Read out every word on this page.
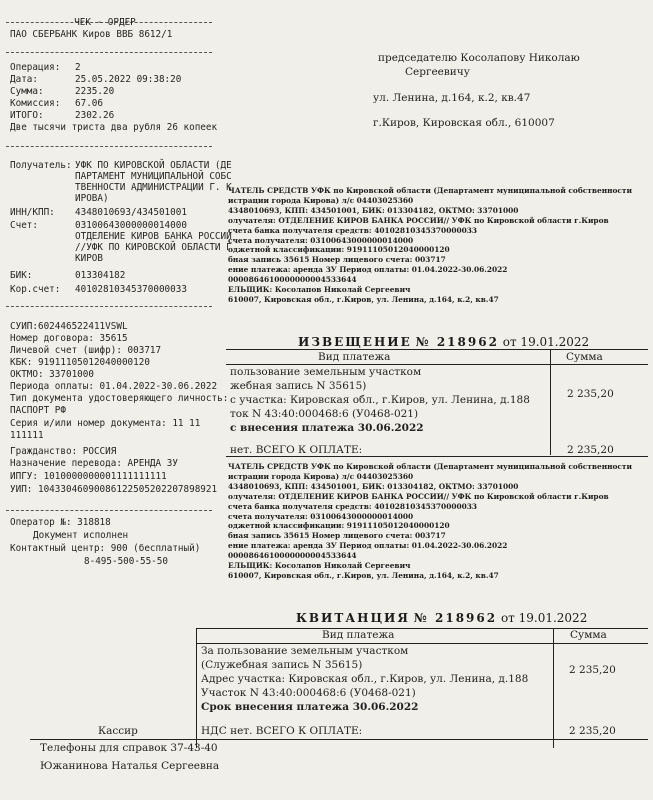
ЧЕК - ОРДЕР
ПАО СБЕРБАНК Киров ВВБ 8612/1
Операция: 2
Дата:	25.05.2022 09:38:20
Сумма:	2235.20
Комиссия: 67.06
ИТОГО:	2302.26
Две тысячи триста два рубля 26 копеек
Получатель: УФК ПО КИРОВСКОЙ ОБЛАСТИ (ДЕ
ПАРТАМЕНТ МУНИЦИПАЛЬНОЙ СОБС
ТВЕННОСТИ АДМИНИСТРАЦИИ Г. К
ИРОВА)
ИНН/КПП: 4348010693/434501001
Счет:	03100643000000014000
ОТДЕЛЕНИЕ КИРОВ БАНКА РОССИИ
//УФК ПО КИРОВСКОЙ ОБЛАСТИ Г
КИРОВ
БИК:	013304182
Кор.счет: 40102810345370000033
СУИП:602446522411VSWL
Номер договора: 35615
Личевой счет (шифр): 003717
КБК: 91911105012040000120
ОКТМО: 33701000
Периода оплаты: 01.04.2022-30.06.2022
Тип документа удостоверяющего личность:
ПАСПОРТ РФ
Серия и/или номер документа: 11 11
111111
Гражданство: РОССИЯ
Назначение перевода: АРЕНДА ЗУ
ИПГУ: 1010000000001111111111
УИП: 10433046090086122505202207898921
Оператор №: 318818
Документ исполнен
Контактный центр: 900 (бесплатный)
8-495-500-55-50
председателю Косолапову Николаю
Сергеевичу
ул. Ленина, д.164, к.2, кв.47
г.Киров, Кировская обл., 610007
ЧАТЕЛЬ СРЕДСТВ УФК по Кировской области (Департамент муниципальной собственности
истрации города Кирова) л/с 04403025360
4348010693, КПП: 434501001, БИК: 013304182, ОКТМО: 33701000
олучателя: ОТДЕЛЕНИЕ КИРОВ БАНКА РОССИИ// УФК по Кировской области г.Киров
счета банка получателя средств: 40102810345370000033
счета получателя: 03100643000000014000
оджетной классификации: 91911105012040000120
бная запись 35615 Номер лицевого счета: 003717
ение платежа: аренда ЗУ Период оплаты: 01.04.2022-30.06.2022
0000864610000000004533644
ЕЛЬЩИК: Косолапов Николай Сергеевич
610007, Кировская обл., г.Киров, ул. Ленина, д.164, к.2, кв.47
ИЗВЕЩЕНИЕ № 218962 от 19.01.2022
Вид платежа	Сумма
пользование земельным участком
жебная запись N 35615)
с участка: Кировская обл., г.Киров, ул. Ленина, д.188
ток N 43:40:000468:6 (У0468-021)
с внесения платежа 30.06.2022
2 235,20
нет. ВСЕГО К ОПЛАТЕ:	2 235,20
ЧАТЕЛЬ СРЕДСТВ УФК по Кировской области (Департамент муниципальной собственности
истрации города Кирова) л/с 04403025360
4348010693, КПП: 434501001, БИК: 013304182, ОКТМО: 33701000
олучателя: ОТДЕЛЕНИЕ КИРОВ БАНКА РОССИИ// УФК по Кировской области г.Киров
счета банка получателя средств: 40102810345370000033
счета получателя: 03100643000000014000
оджетной классификации: 91911105012040000120
бная запись 35615 Номер лицевого счета: 003717
ение платежа: аренда ЗУ Период оплаты: 01.04.2022-30.06.2022
0000864610000000004533644
ЕЛЬЩИК: Косолапов Николай Сергеевич
610007, Кировская обл., г.Киров, ул. Ленина, д.164, к.2, кв.47
КВИТАНЦИЯ № 218962 от 19.01.2022
Вид платежа	Сумма
За пользование земельным участком
(Служебная запись N 35615)
Адрес участка: Кировская обл., г.Киров, ул. Ленина, д.188
Участок N 43:40:000468:6 (У0468-021)
Срок внесения платежа 30.06.2022
2 235,20
НДС нет. ВСЕГО К ОПЛАТЕ:	2 235,20
Кассир
Телефоны для справок 37-43-40
Южанинова Наталья Сергеевна
